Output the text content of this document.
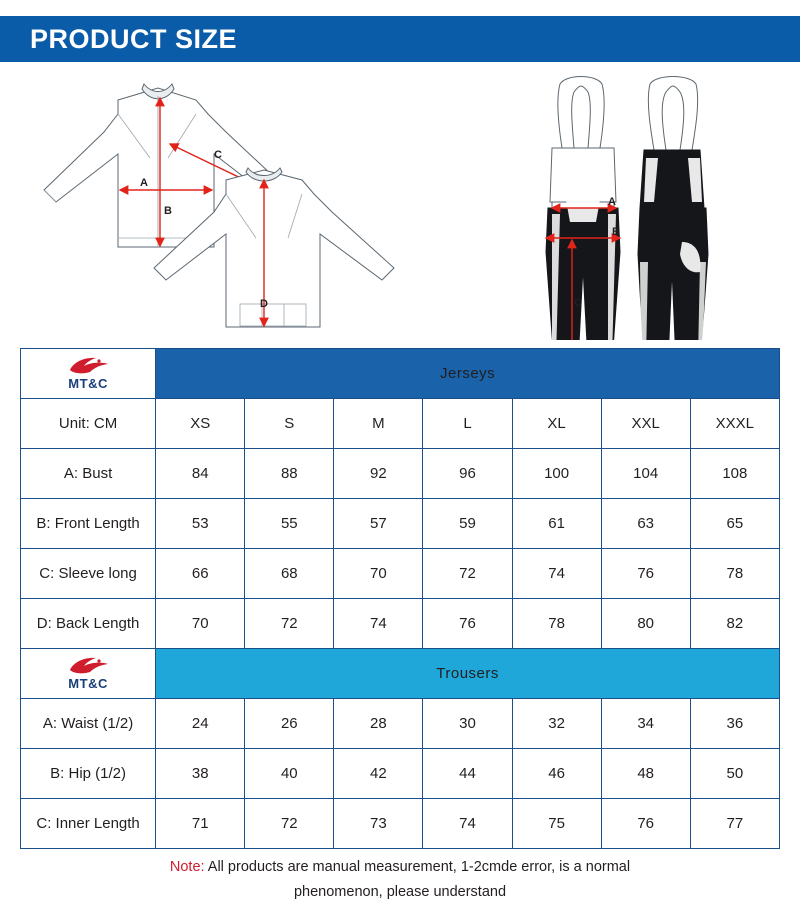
PRODUCT SIZE
A
B
C
D
A
B
C
MT&C	Jerseys						
Unit: CM	XS	S	M	L	XL	XXL	XXXL
A: Bust	84	88	92	96	100	104	108
B: Front Length	53	55	57	59	61	63	65
C: Sleeve long	66	68	70	72	74	76	78
D: Back Length	70	72	74	76	78	80	82

MT&C	Trousers						
A: Waist (1/2)	24	26	28	30	32	34	36
B: Hip (1/2)	38	40	42	44	46	48	50
C: Inner Length	71	72	73	74	75	76	77
Note: All products are manual measurement, 1-2cmde error, is a normal
phenomenon, please understand
